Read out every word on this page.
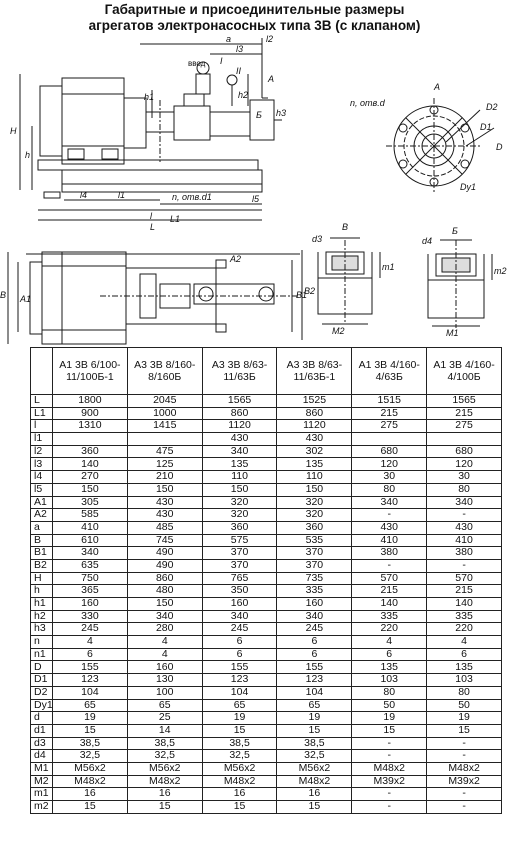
Габаритные и присоединительные размеры
агрегатов электронасосных типа 3В (с клапаном)
H
h
h1	h2
h3
a	l2
l3
l4	l5
l
l1
L1
L
ввод I
II
А
Б
n, отв.d1
B	B1
A1
B2
A2
n, отв.d
A
D2
D1
D
Dy1
В
d3
M2
m1
Б
d4
M1
m2
	А1 3В 6/100-11/100Б-1	А3 3В 8/160-8/160Б	А3 3В 8/63-11/63Б	А3 3В 8/63-11/63Б-1	А1 3В 4/160-4/63Б	А1 3В 4/160-4/100Б
L	1800	2045	1565	1525	1515	1565
L1	900	1000	860	860	215	215
l	1310	1415	1120	1120	275	275
l1			430	430		
l2	360	475	340	302	680	680
l3	140	125	135	135	120	120
l4	270	210	110	110	30	30
l5	150	150	150	150	80	80
A1	305	430	320	320	340	340
A2	585	430	320	320	-	-
a	410	485	360	360	430	430
B	610	745	575	535	410	410
B1	340	490	370	370	380	380
B2	635	490	370	370	-	-
H	750	860	765	735	570	570
h	365	480	350	335	215	215
h1	160	150	160	160	140	140
h2	330	340	340	340	335	335
h3	245	280	245	245	220	220
n	4	4	6	6	4	4
n1	6	4	6	6	6	6
D	155	160	155	155	135	135
D1	123	130	123	123	103	103
D2	104	100	104	104	80	80
Dy1	65	65	65	65	50	50
d	19	25	19	19	19	19
d1	15	14	15	15	15	15
d3	38,5	38,5	38,5	38,5	-	-
d4	32,5	32,5	32,5	32,5	-	-
M1	M56x2	M56x2	M56x2	M56x2	M48x2	M48x2
M2	M48x2	M48x2	M48x2	M48x2	M39x2	M39x2
m1	16	16	16	16	-	-
m2	15	15	15	15	-	-
